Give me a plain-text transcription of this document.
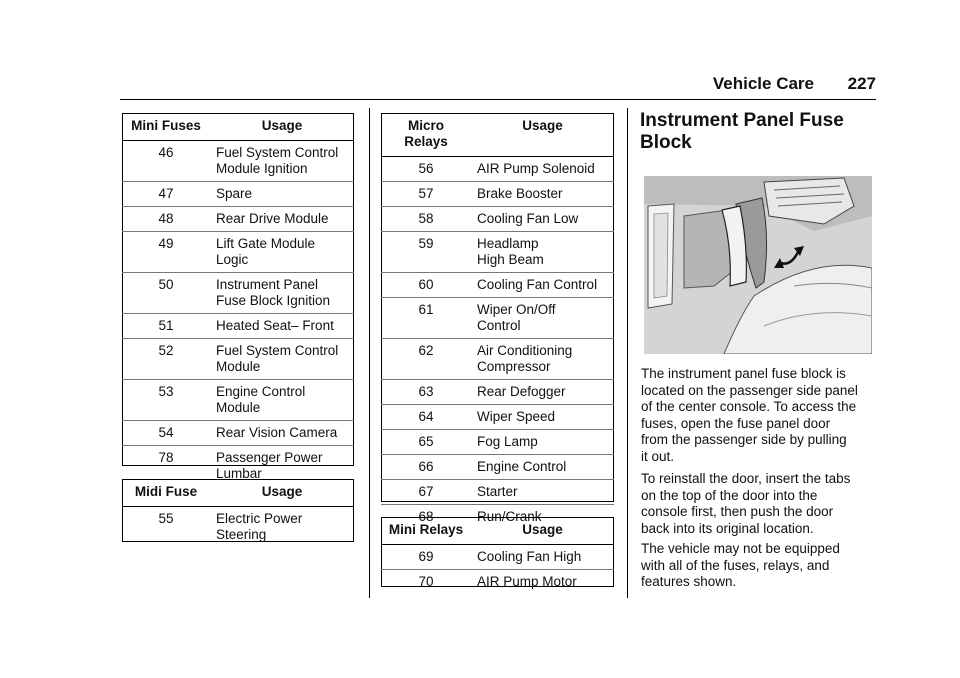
Vehicle Care 227
Mini Fuses	Usage
46	Fuel System Control
Module Ignition

47	Spare

48	Rear Drive Module

49	Lift Gate Module
Logic

50	Instrument Panel
Fuse Block Ignition

51	Heated Seat– Front

52	Fuel System Control
Module

53	Engine Control
Module

54	Rear Vision Camera

78	Passenger Power
Lumbar
Midi Fuse	Usage
55	Electric Power
Steering
Micro
Relays	Usage
56	AIR Pump Solenoid

57	Brake Booster

58	Cooling Fan Low

59	Headlamp
High Beam

60	Cooling Fan Control

61	Wiper On/Off
Control

62	Air Conditioning
Compressor

63	Rear Defogger

64	Wiper Speed

65	Fog Lamp

66	Engine Control

67	Starter

68	Run/Crank
Mini Relays	Usage
69	Cooling Fan High

70	AIR Pump Motor
Instrument Panel Fuse
Block
The instrument panel fuse block is
located on the passenger side panel
of the center console. To access the
fuses, open the fuse panel door
from the passenger side by pulling
it out.
To reinstall the door, insert the tabs
on the top of the door into the
console first, then push the door
back into its original location.
The vehicle may not be equipped
with all of the fuses, relays, and
features shown.
